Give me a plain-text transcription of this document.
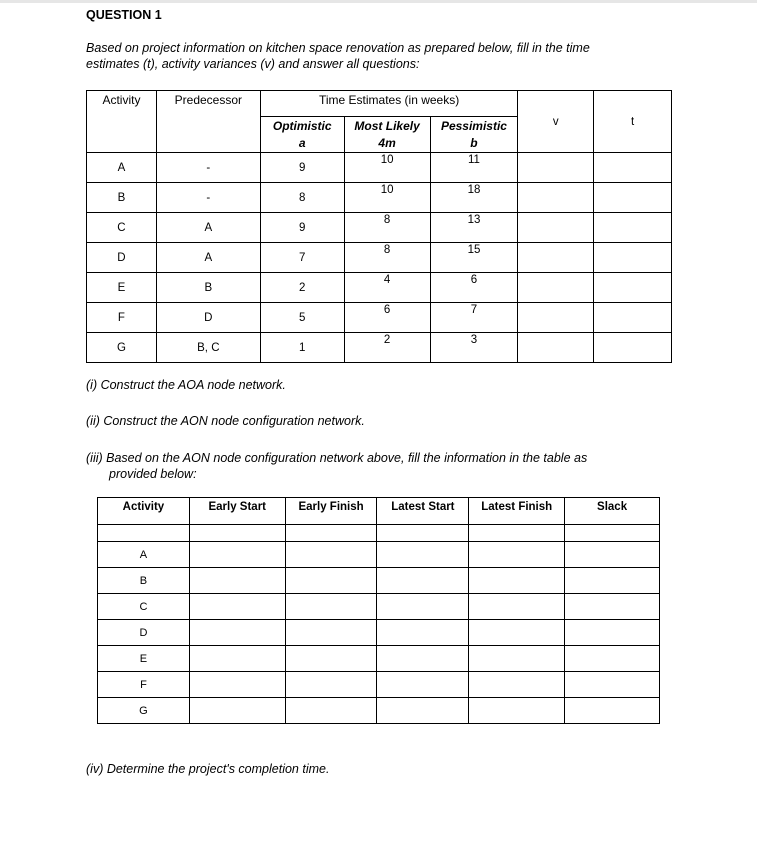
QUESTION 1
Based on project information on kitchen space renovation as prepared below, fill in the time
estimates (t), activity variances (v) and answer all questions:
Activity	Predecessor	Time Estimates (in weeks)			v	t
		Optimistic	Most Likely	Pessimistic		
		a	4m	b		
A	-	9	10	11		
B	-	8	10	18		
C	A	9	8	13		
D	A	7	8	15		
E	B	2	4	6		
F	D	5	6	7		
G	B, C	1	2	3		
(i) Construct the AOA node network.
(ii) Construct the AON node configuration network.
(iii) Based on the AON node configuration network above, fill the information in the table as
provided below:
Activity	Early Start	Early Finish	Latest Start	Latest Finish	Slack

A					
B					
C					
D					
E					
F					
G					
(iv) Determine the project's completion time.
